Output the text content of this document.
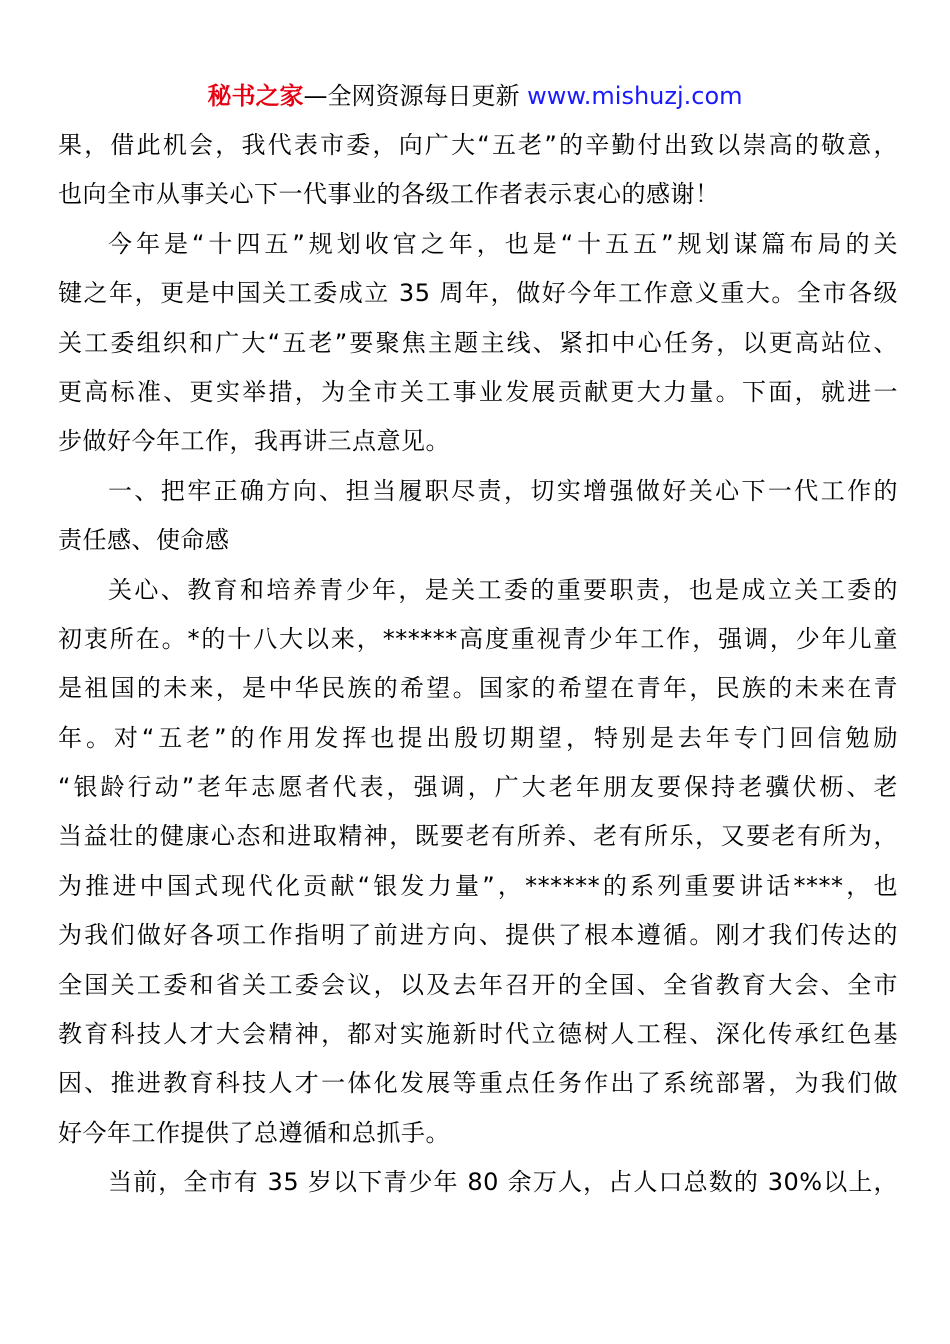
秘书之家—全网资源每日更新 www.mishuzj.com
果，借此机会，我代表市委，向广大“五老”的辛勤付出致以崇高的敬意，
也向全市从事关心下一代事业的各级工作者表示衷心的感谢！
今年是“十四五”规划收官之年，也是“十五五”规划谋篇布局的关
键之年，更是中国关工委成立 35 周年，做好今年工作意义重大。全市各级
关工委组织和广大“五老”要聚焦主题主线、紧扣中心任务，以更高站位、
更高标准、更实举措，为全市关工事业发展贡献更大力量。下面，就进一
步做好今年工作，我再讲三点意见。
一、把牢正确方向、担当履职尽责，切实增强做好关心下一代工作的
责任感、使命感
关心、教育和培养青少年，是关工委的重要职责，也是成立关工委的
初衷所在。*的十八大以来，******高度重视青少年工作，强调，少年儿童
是祖国的未来，是中华民族的希望。国家的希望在青年，民族的未来在青
年。对“五老”的作用发挥也提出殷切期望，特别是去年专门回信勉励
“银龄行动”老年志愿者代表，强调，广大老年朋友要保持老骥伏枥、老
当益壮的健康心态和进取精神，既要老有所养、老有所乐，又要老有所为，
为推进中国式现代化贡献“银发力量”，******的系列重要讲话****，也
为我们做好各项工作指明了前进方向、提供了根本遵循。刚才我们传达的
全国关工委和省关工委会议，以及去年召开的全国、全省教育大会、全市
教育科技人才大会精神，都对实施新时代立德树人工程、深化传承红色基
因、推进教育科技人才一体化发展等重点任务作出了系统部署，为我们做
好今年工作提供了总遵循和总抓手。
当前，全市有 35 岁以下青少年 80 余万人，占人口总数的 30%以上，
